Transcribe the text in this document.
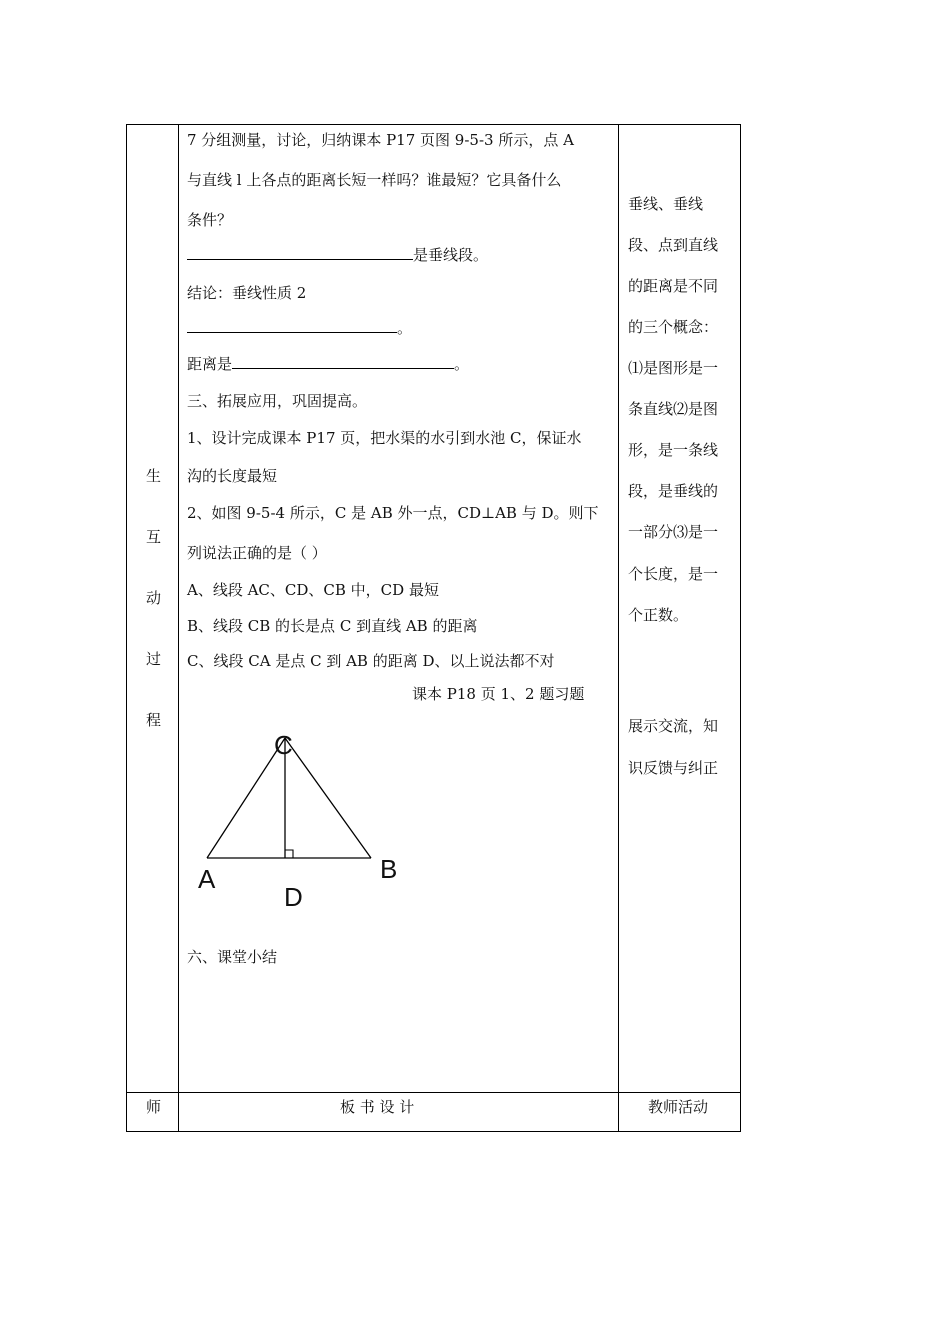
生
互
动
过
程
师
7 分组测量，讨论，归纳课本 P17 页图 9-5-3 所示，点 A
与直线 l 上各点的距离长短一样吗？谁最短？它具备什么
条件？
是垂线段。
结论：垂线性质 2
。
距离是	。
三、拓展应用，巩固提高。
1、设计完成课本 P17 页，把水渠的水引到水池 C，保证水
沟的长度最短
2、如图 9-5-4 所示，C 是 AB 外一点，CD⊥AB 与 D。则下
列说法正确的是（ ）
A、线段 AC、CD、CB 中，CD 最短
B、线段 CB 的长是点 C 到直线 AB 的距离
C、线段 CA 是点 C 到 AB 的距离 D、以上说法都不对
课本 P18 页 1、2 题习题
C
A	B
D
六、课堂小结
板 书 设 计
垂线、垂线
段、点到直线
的距离是不同
的三个概念：
⑴是图形是一
条直线⑵是图
形，是一条线
段，是垂线的
一部分⑶是一
个长度，是一
个正数。
展示交流，知
识反馈与纠正
教师活动
